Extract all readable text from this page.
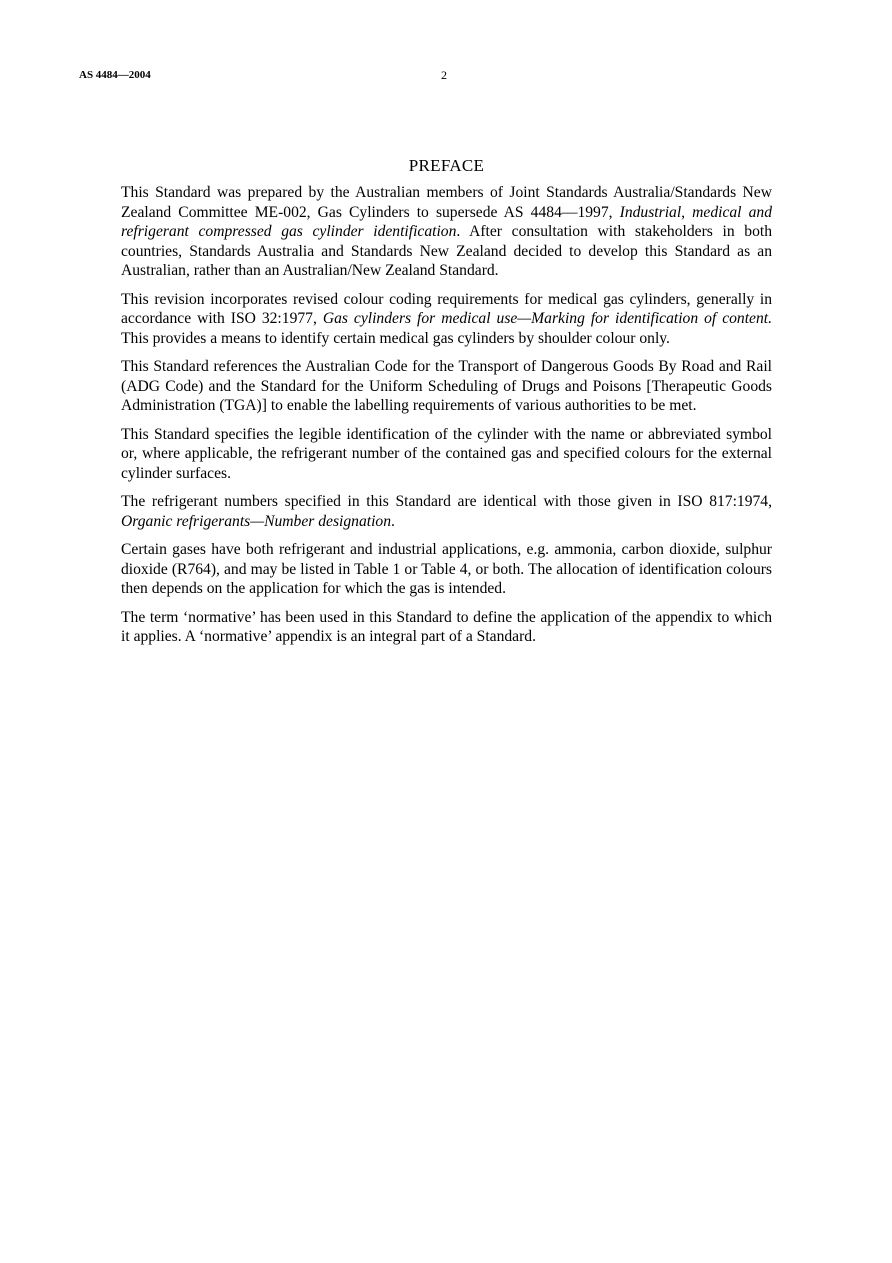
AS 4484—2004	2
PREFACE

This Standard was prepared by the Australian members of Joint Standards Australia/Standards New Zealand Committee ME-002, Gas Cylinders to supersede AS 4484—1997, Industrial, medical and refrigerant compressed gas cylinder identification. After consultation with stakeholders in both countries, Standards Australia and Standards New Zealand decided to develop this Standard as an Australian, rather than an Australian/New Zealand Standard.

This revision incorporates revised colour coding requirements for medical gas cylinders, generally in accordance with ISO 32:1977, Gas cylinders for medical use—Marking for identification of content. This provides a means to identify certain medical gas cylinders by shoulder colour only.

This Standard references the Australian Code for the Transport of Dangerous Goods By Road and Rail (ADG Code) and the Standard for the Uniform Scheduling of Drugs and Poisons [Therapeutic Goods Administration (TGA)] to enable the labelling requirements of various authorities to be met.

This Standard specifies the legible identification of the cylinder with the name or abbreviated symbol or, where applicable, the refrigerant number of the contained gas and specified colours for the external cylinder surfaces.

The refrigerant numbers specified in this Standard are identical with those given in ISO 817:1974, Organic refrigerants—Number designation.

Certain gases have both refrigerant and industrial applications, e.g. ammonia, carbon dioxide, sulphur dioxide (R764), and may be listed in Table 1 or Table 4, or both. The allocation of identification colours then depends on the application for which the gas is intended.

The term ‘normative’ has been used in this Standard to define the application of the appendix to which it applies. A ‘normative’ appendix is an integral part of a Standard.
